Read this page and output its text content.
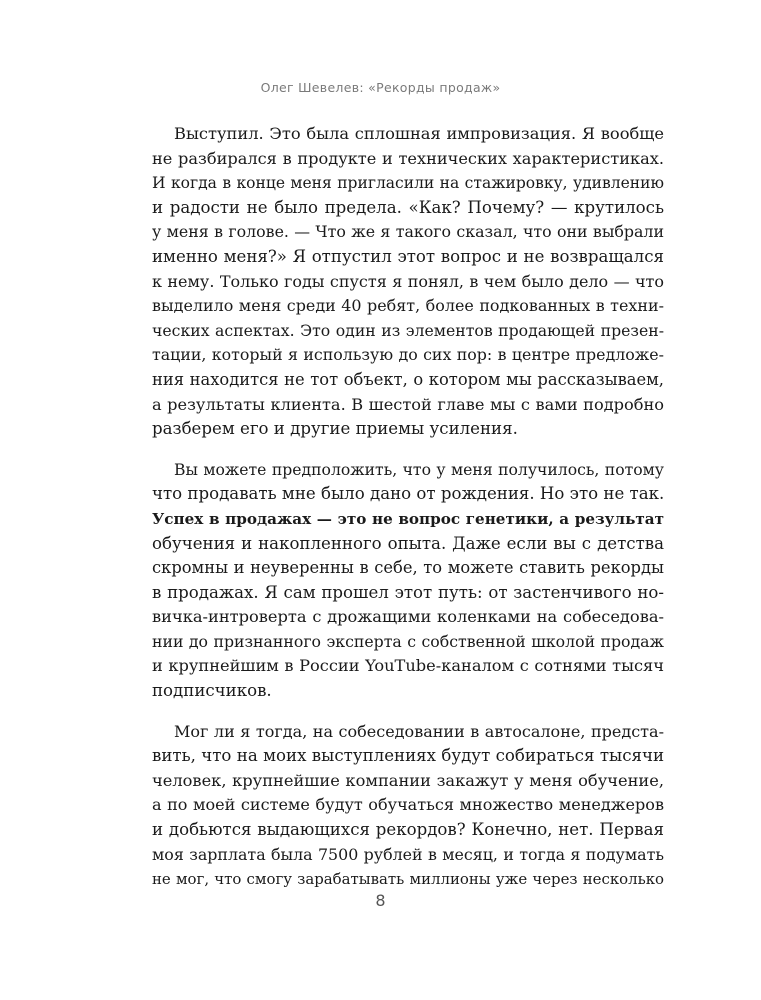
Олег Шевелев: «Рекорды продаж»

Выступил. Это была сплошная импровизация. Я вообще
не разбирался в продукте и технических характеристиках.
И когда в конце меня пригласили на стажировку, удивлению
и радости не было предела. «Как? Почему? — крутилось
у меня в голове. — Что же я такого сказал, что они выбрали
именно меня?» Я отпустил этот вопрос и не возвращался
к нему. Только годы спустя я понял, в чем было дело — что
выделило меня среди 40 ребят, более подкованных в техни-
ческих аспектах. Это один из элементов продающей презен-
тации, который я использую до сих пор: в центре предложе-
ния находится не тот объект, о котором мы рассказываем,
а результаты клиента. В шестой главе мы с вами подробно
разберем его и другие приемы усиления.

Вы можете предположить, что у меня получилось, потому
что продавать мне было дано от рождения. Но это не так.
Успех в продажах — это не вопрос генетики, а результат
обучения и накопленного опыта. Даже если вы с детства
скромны и неуверенны в себе, то можете ставить рекорды
в продажах. Я сам прошел этот путь: от застенчивого но-
вичка-интроверта с дрожащими коленками на собеседова-
нии до признанного эксперта с собственной школой продаж
и крупнейшим в России YouTube-каналом с сотнями тысяч
подписчиков.

Мог ли я тогда, на собеседовании в автосалоне, предста-
вить, что на моих выступлениях будут собираться тысячи
человек, крупнейшие компании закажут у меня обучение,
а по моей системе будут обучаться множество менеджеров
и добьются выдающихся рекордов? Конечно, нет. Первая
моя зарплата была 7500 рублей в месяц, и тогда я подумать
не мог, что смогу зарабатывать миллионы уже через несколько

8
